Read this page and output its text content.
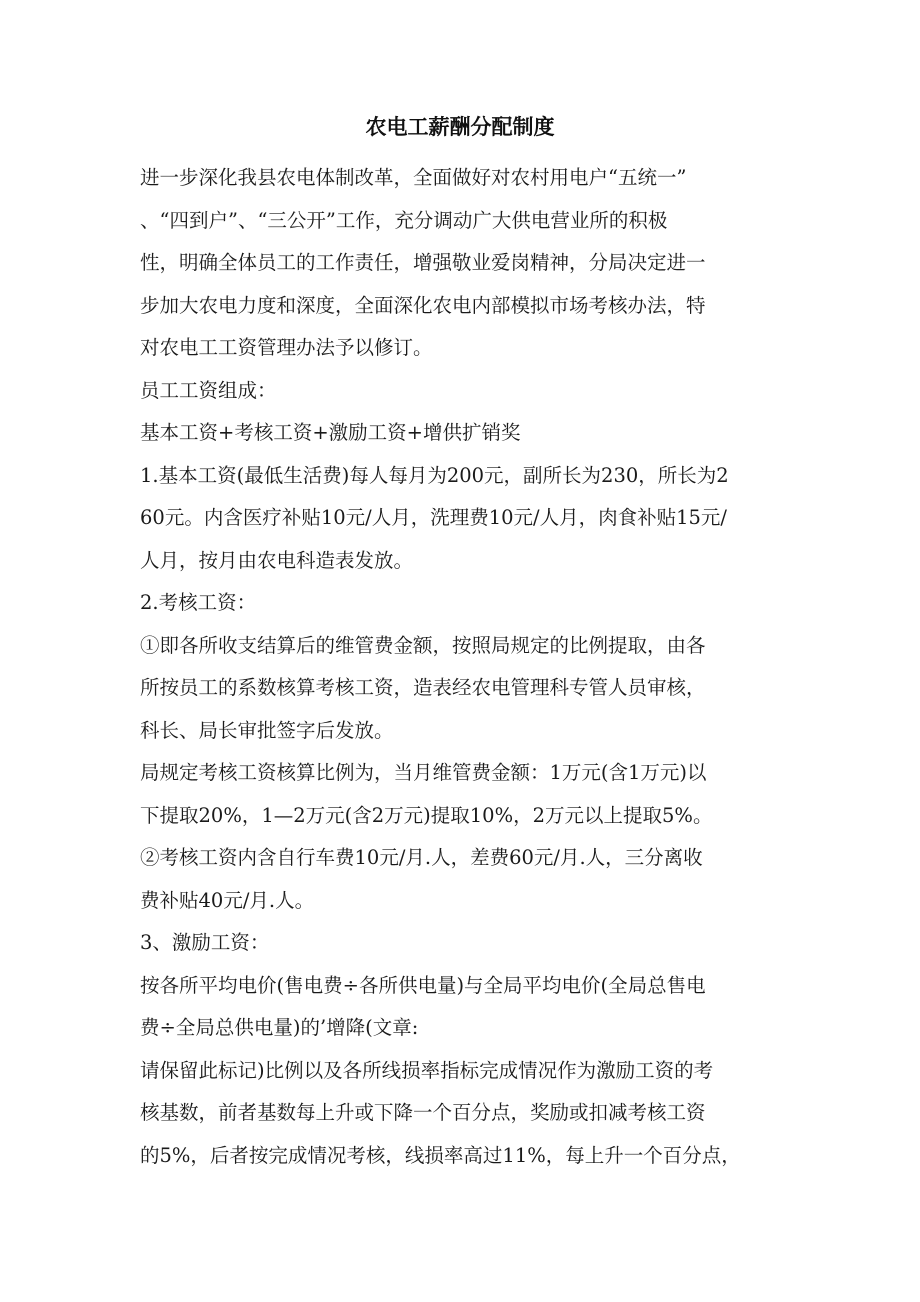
农电工薪酬分配制度
进一步深化我县农电体制改革，全面做好对农村用电户“五统一”
、“四到户”、“三公开”工作，充分调动广大供电营业所的积极
性，明确全体员工的工作责任，增强敬业爱岗精神，分局决定进一
步加大农电力度和深度，全面深化农电内部模拟市场考核办法，特
对农电工工资管理办法予以修订。
员工工资组成：
基本工资+考核工资+激励工资+增供扩销奖
1.基本工资(最低生活费)每人每月为200元，副所长为230，所长为2
60元。内含医疗补贴10元/人月，洗理费10元/人月，肉食补贴15元/
人月，按月由农电科造表发放。
2.考核工资：
①即各所收支结算后的维管费金额，按照局规定的比例提取，由各
所按员工的系数核算考核工资，造表经农电管理科专管人员审核，
科长、局长审批签字后发放。
局规定考核工资核算比例为，当月维管费金额：1万元(含1万元)以
下提取20%，1—2万元(含2万元)提取10%，2万元以上提取5%。
②考核工资内含自行车费10元/月.人，差费60元/月.人，三分离收
费补贴40元/月.人。
3、激励工资：
按各所平均电价(售电费÷各所供电量)与全局平均电价(全局总售电
费÷全局总供电量)的’增降(文章:
请保留此标记)比例以及各所线损率指标完成情况作为激励工资的考
核基数，前者基数每上升或下降一个百分点，奖励或扣减考核工资
的5%，后者按完成情况考核，线损率高过11%，每上升一个百分点，
